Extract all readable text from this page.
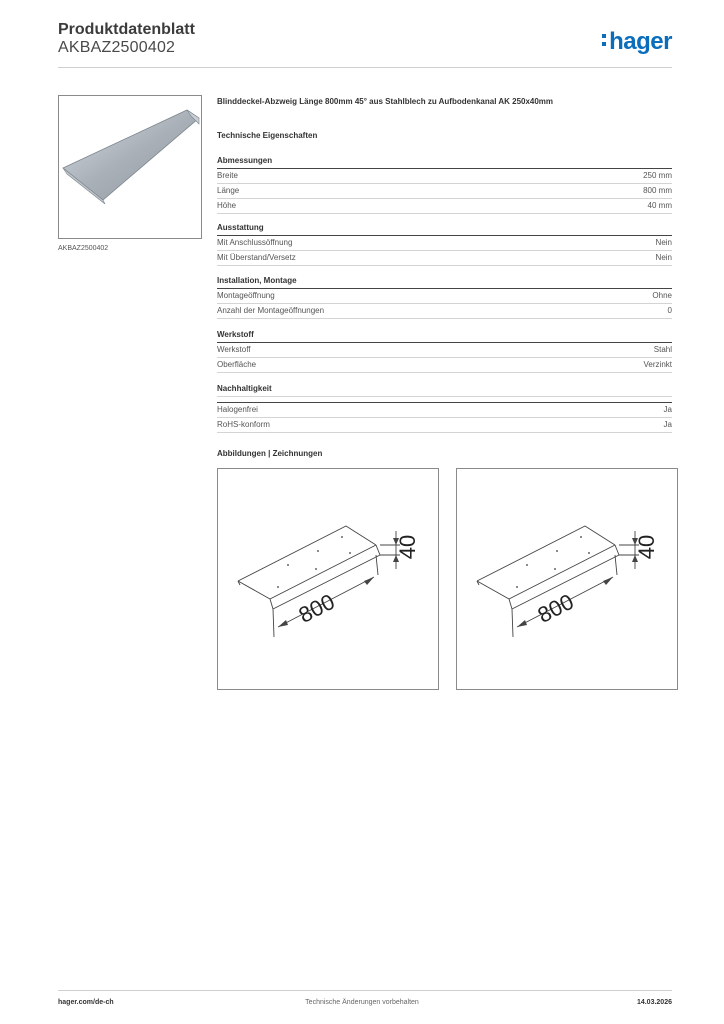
Produktdatenblatt
AKBAZ2500402	hager
AKBAZ2500402
Blinddeckel-Abzweig Länge 800mm 45° aus Stahlblech zu Aufbodenkanal AK 250x40mm
Technische Eigenschaften
Abmessungen
Breite	250 mm
Länge	800 mm
Höhe	40 mm
Ausstattung
Mit Anschlussöffnung	Nein
Mit Überstand/Versetz	Nein
Installation, Montage
Montageöffnung	Ohne
Anzahl der Montageöffnungen	0
Werkstoff
Werkstoff	Stahl
Oberfläche	Verzinkt
Nachhaltigkeit
Halogenfrei	Ja
RoHS-konform	Ja
Abbildungen | Zeichnungen
800
40
800
40
hager.com/de-ch	Technische Änderungen vorbehalten	14.03.2026
